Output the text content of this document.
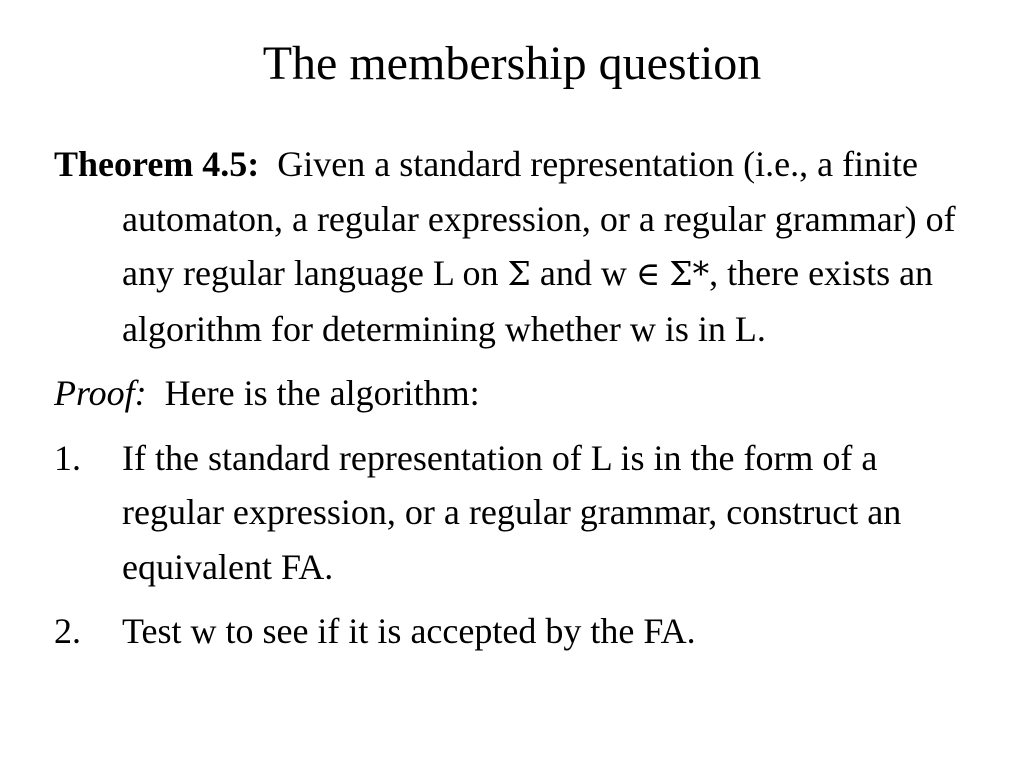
The membership question

Theorem 4.5: Given a standard representation (i.e., a finite automaton, a regular expression, or a regular grammar) of any regular language L on Σ and w ∈ Σ*, there exists an algorithm for determining whether w is in L.

Proof: Here is the algorithm:

1. If the standard representation of L is in the form of a regular expression, or a regular grammar, construct an equivalent FA.
2. Test w to see if it is accepted by the FA.
